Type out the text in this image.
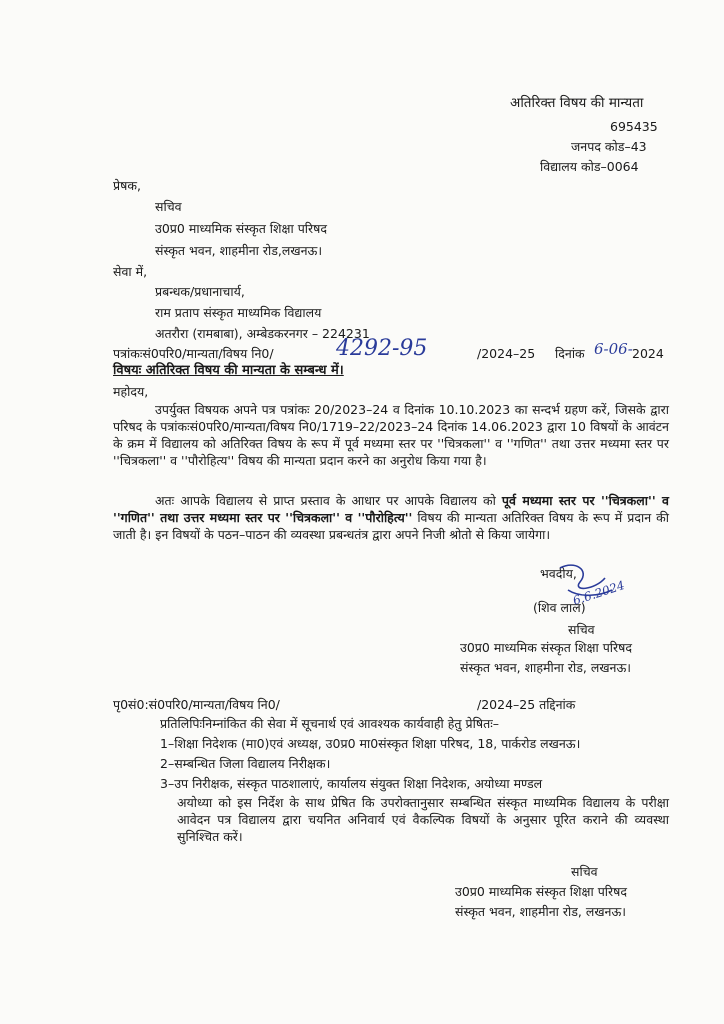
अतिरिक्त विषय की मान्यता
695435
जनपद कोड–43
विद्यालय कोड–0064
प्रेषक,
सचिव
उ0प्र0 माध्यमिक संस्कृत शिक्षा परिषद
संस्कृत भवन, शाहमीना रोड,लखनऊ।
सेवा में,
प्रबन्धक/प्रधानाचार्य,
राम प्रताप संस्कृत माध्यमिक विद्यालय
अतरौरा (रामबाबा), अम्बेडकरनगर – 224231
पत्रांकःसं0परि0/मान्यता/विषय नि0/	4292-95	/2024–25 दिनांक 6-06- 2024
विषयः अतिरिक्त विषय की मान्यता के सम्बन्ध में।
महोदय,
उपर्युक्त विषयक अपने पत्र पत्रांकः 20/2023–24 व दिनांक 10.10.2023 का सन्दर्भ ग्रहण करें, जिसके द्वारा परिषद के पत्रांकःसं0परि0/मान्यता/विषय नि0/1719–22/2023–24 दिनांक 14.06.2023 द्वारा 10 विषयों के आवंटन के क्रम में विद्यालय को अतिरिक्त विषय के रूप में पूर्व मध्यमा स्तर पर ''चित्रकला'' व ''गणित'' तथा उत्तर मध्यमा स्तर पर ''चित्रकला'' व ''पौरोहित्य'' विषय की मान्यता प्रदान करने का अनुरोध किया गया है।
अतः आपके विद्यालय से प्राप्त प्रस्ताव के आधार पर आपके विद्यालय को पूर्व मध्यमा स्तर पर ''चित्रकला'' व ''गणित'' तथा उत्तर मध्यमा स्तर पर ''चित्रकला'' व ''पौरोहित्य'' विषय की मान्यता अतिरिक्त विषय के रूप में प्रदान की जाती है। इन विषयों के पठन–पाठन की व्यवस्था प्रबन्धतंत्र द्वारा अपने निजी श्रोतो से किया जायेगा।
भवदीय,
6.6.2024
(शिव लाल)
सचिव
उ0प्र0 माध्यमिक संस्कृत शिक्षा परिषद
संस्कृत भवन, शाहमीना रोड, लखनऊ।
पृ0सं0:सं0परि0/मान्यता/विषय नि0/	/2024–25 तद्दिनांक
प्रतिलिपिःनिम्नांकित की सेवा में सूचनार्थ एवं आवश्यक कार्यवाही हेतु प्रेषितः–
1–शिक्षा निदेशक (मा0)एवं अध्यक्ष, उ0प्र0 मा0संस्कृत शिक्षा परिषद, 18, पार्करोड लखनऊ।
2–सम्बन्धित जिला विद्यालय निरीक्षक।
3–उप निरीक्षक, संस्कृत पाठशालाएं, कार्यालय संयुक्त शिक्षा निदेशक, अयोध्या मण्डल
अयोध्या को इस निर्देश के साथ प्रेषित कि उपरोक्तानुसार सम्बन्धित संस्कृत माध्यमिक विद्यालय के परीक्षा आवेदन पत्र विद्यालय द्वारा चयनित अनिवार्य एवं वैकल्पिक विषयों के अनुसार पूरित कराने की व्यवस्था सुनिश्चित करें।
सचिव
उ0प्र0 माध्यमिक संस्कृत शिक्षा परिषद
संस्कृत भवन, शाहमीना रोड, लखनऊ।
